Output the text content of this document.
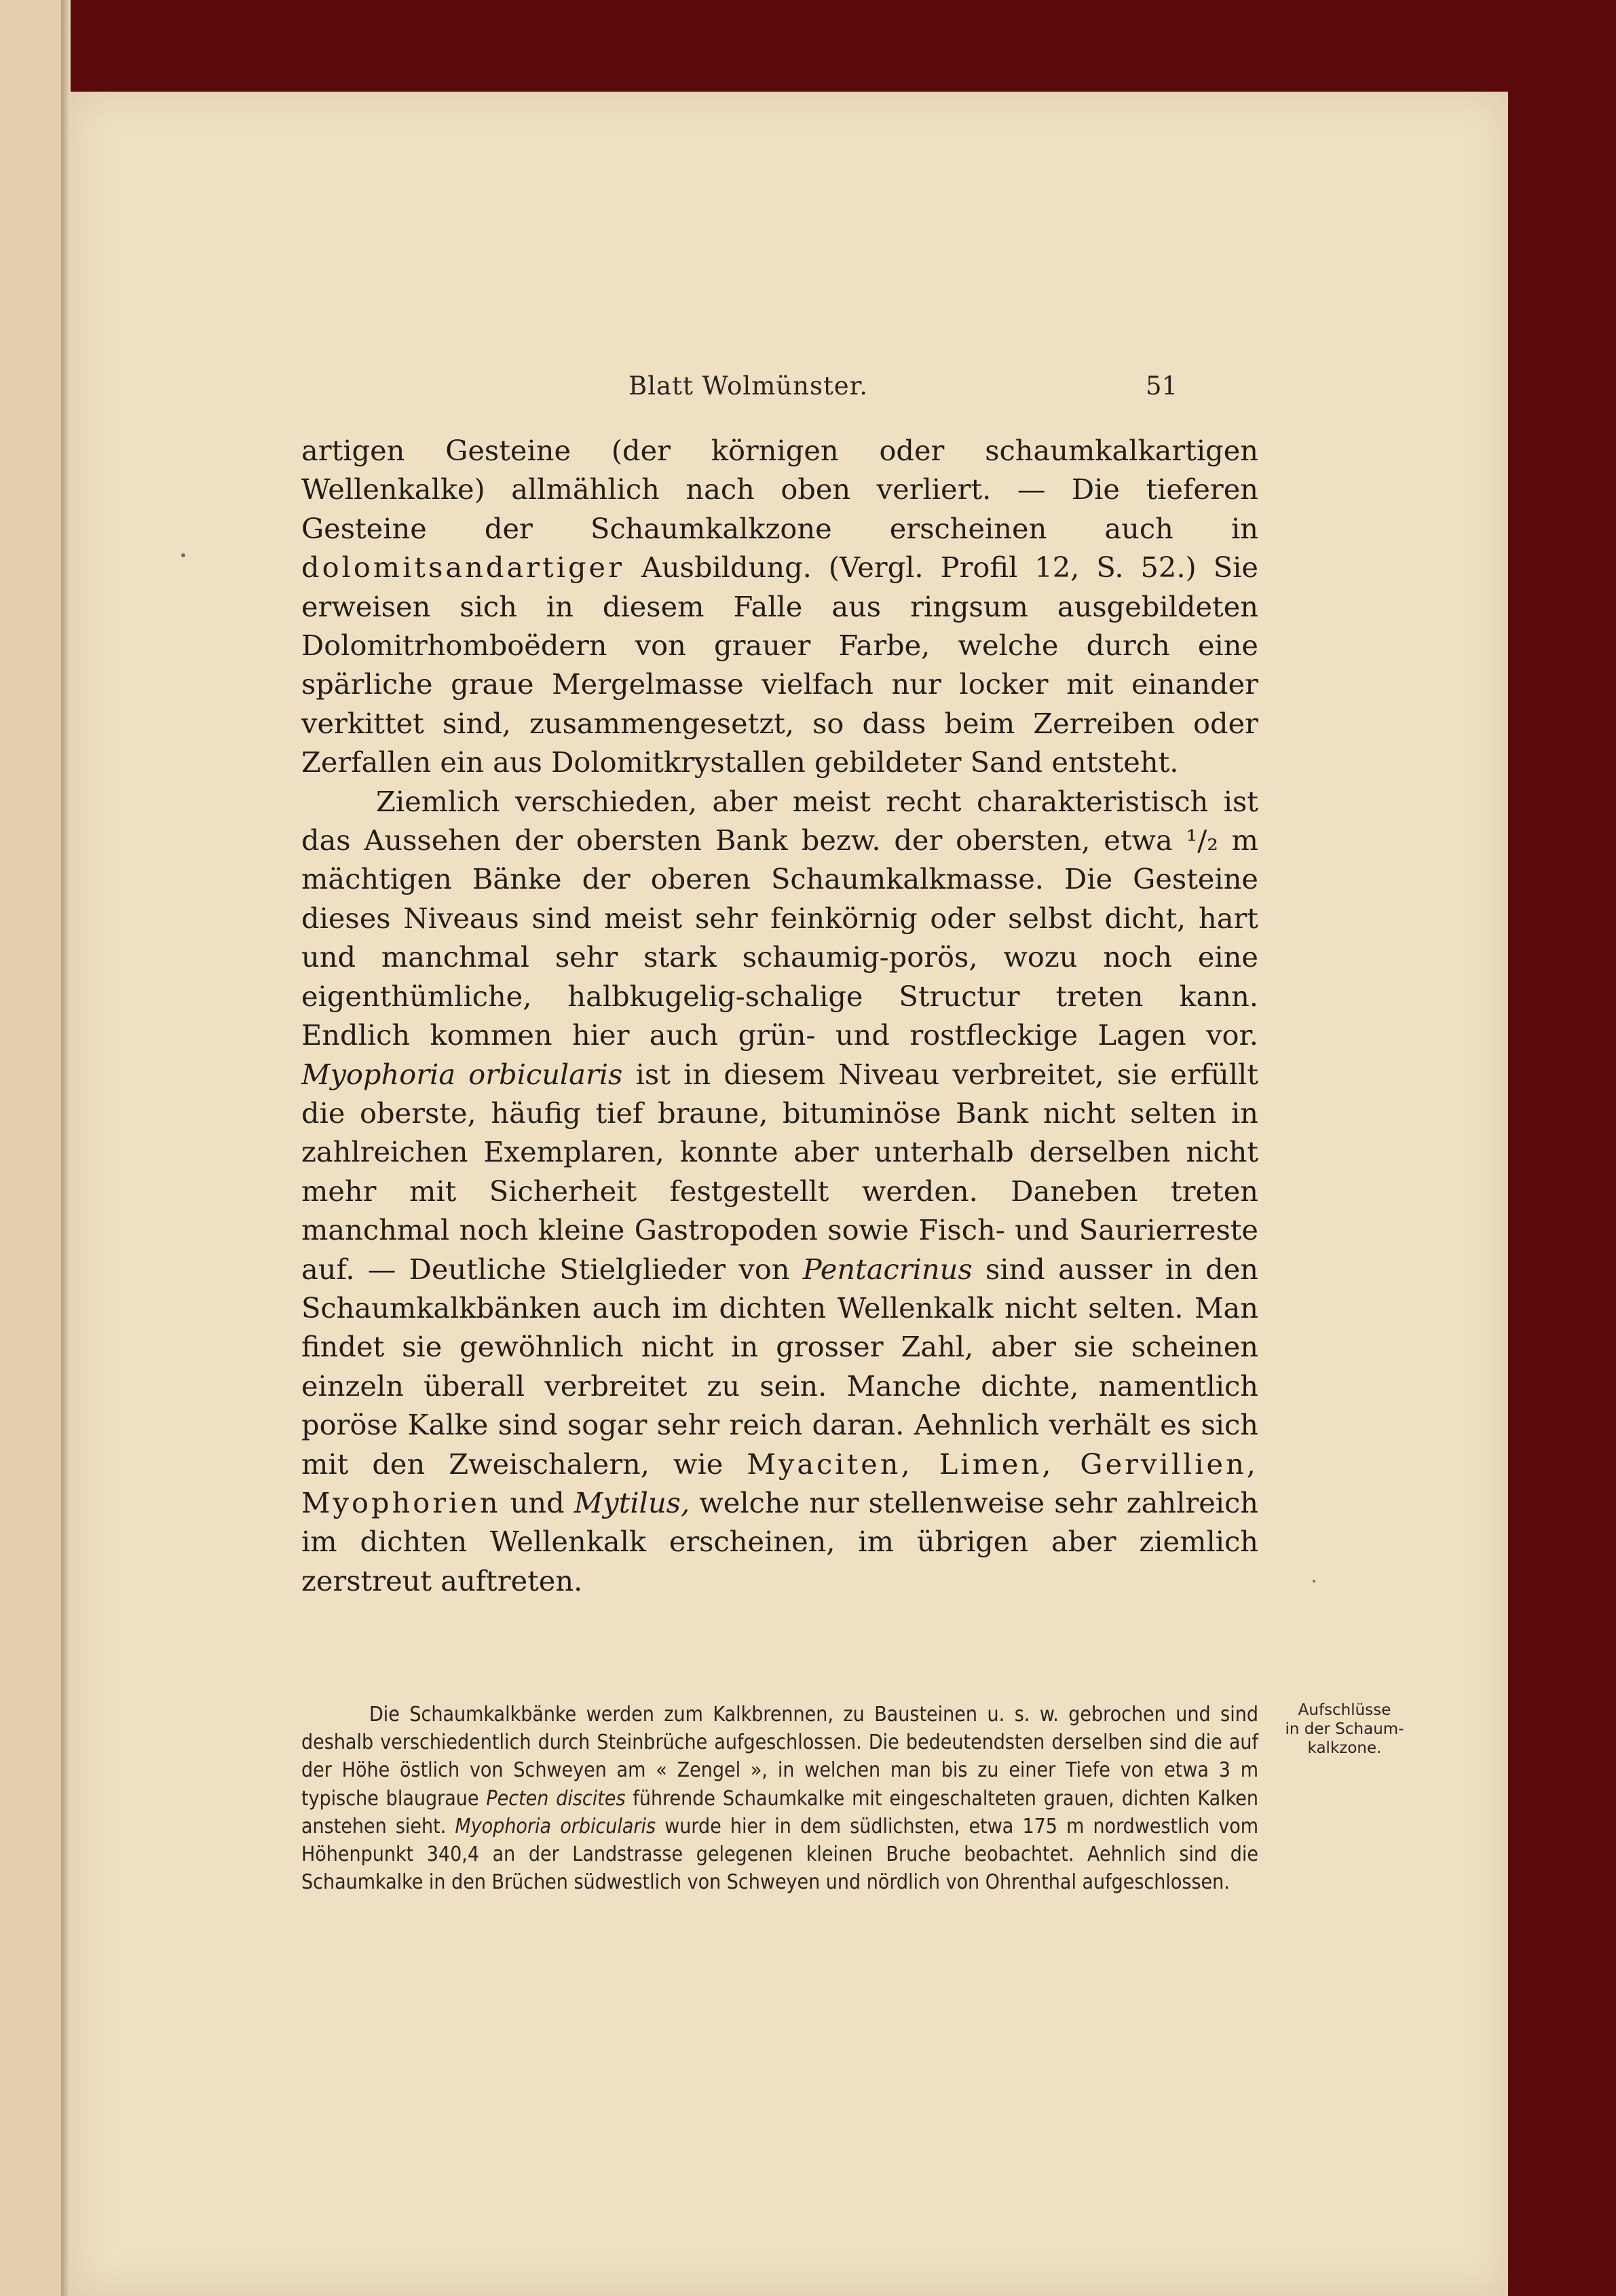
Blatt Wolmünster.	51

artigen Gesteine (der körnigen oder schaumkalkartigen Wellenkalke) allmählich nach oben verliert. — Die tieferen Gesteine der Schaumkalkzone erscheinen auch in dolomitsandartiger Ausbildung. (Vergl. Profil 12, S. 52.) Sie erweisen sich in diesem Falle aus ringsum ausgebildeten Dolomitrhomboëdern von grauer Farbe, welche durch eine spärliche graue Mergelmasse vielfach nur locker mit einander verkittet sind, zusammengesetzt, so dass beim Zerreiben oder Zerfallen ein aus Dolomitkrystallen gebildeter Sand entsteht.

Ziemlich verschieden, aber meist recht charakteristisch ist das Aussehen der obersten Bank bezw. der obersten, etwa ¹/₂ m mächtigen Bänke der oberen Schaumkalkmasse. Die Gesteine dieses Niveaus sind meist sehr feinkörnig oder selbst dicht, hart und manchmal sehr stark schaumig-porös, wozu noch eine eigenthümliche, halbkugelig-schalige Structur treten kann. Endlich kommen hier auch grün- und rostfleckige Lagen vor. Myophoria orbicularis ist in diesem Niveau verbreitet, sie erfüllt die oberste, häufig tief braune, bituminöse Bank nicht selten in zahlreichen Exemplaren, konnte aber unterhalb derselben nicht mehr mit Sicherheit festgestellt werden. Daneben treten manchmal noch kleine Gastropoden sowie Fisch- und Saurierreste auf. — Deutliche Stielglieder von Pentacrinus sind ausser in den Schaumkalkbänken auch im dichten Wellenkalk nicht selten. Man findet sie gewöhnlich nicht in grosser Zahl, aber sie scheinen einzeln überall verbreitet zu sein. Manche dichte, namentlich poröse Kalke sind sogar sehr reich daran. Aehnlich verhält es sich mit den Zweischalern, wie Myaciten, Limen, Gervillien, Myophorien und Mytilus, welche nur stellenweise sehr zahlreich im dichten Wellenkalk erscheinen, im übrigen aber ziemlich zerstreut auftreten.

Die Schaumkalkbänke werden zum Kalkbrennen, zu Bausteinen u. s. w. gebrochen und sind deshalb verschiedentlich durch Steinbrüche aufgeschlossen. Die bedeutendsten derselben sind die auf der Höhe östlich von Schweyen am « Zengel », in welchen man bis zu einer Tiefe von etwa 3 m typische blaugraue Pecten discites führende Schaumkalke mit eingeschalteten grauen, dichten Kalken anstehen sieht. Myophoria orbicularis wurde hier in dem südlichsten, etwa 175 m nordwestlich vom Höhenpunkt 340,4 an der Landstrasse gelegenen kleinen Bruche beobachtet. Aehnlich sind die Schaumkalke in den Brüchen südwestlich von Schweyen und nördlich von Ohrenthal aufgeschlossen.

Aufschlüsse
in der Schaum-
kalkzone.
